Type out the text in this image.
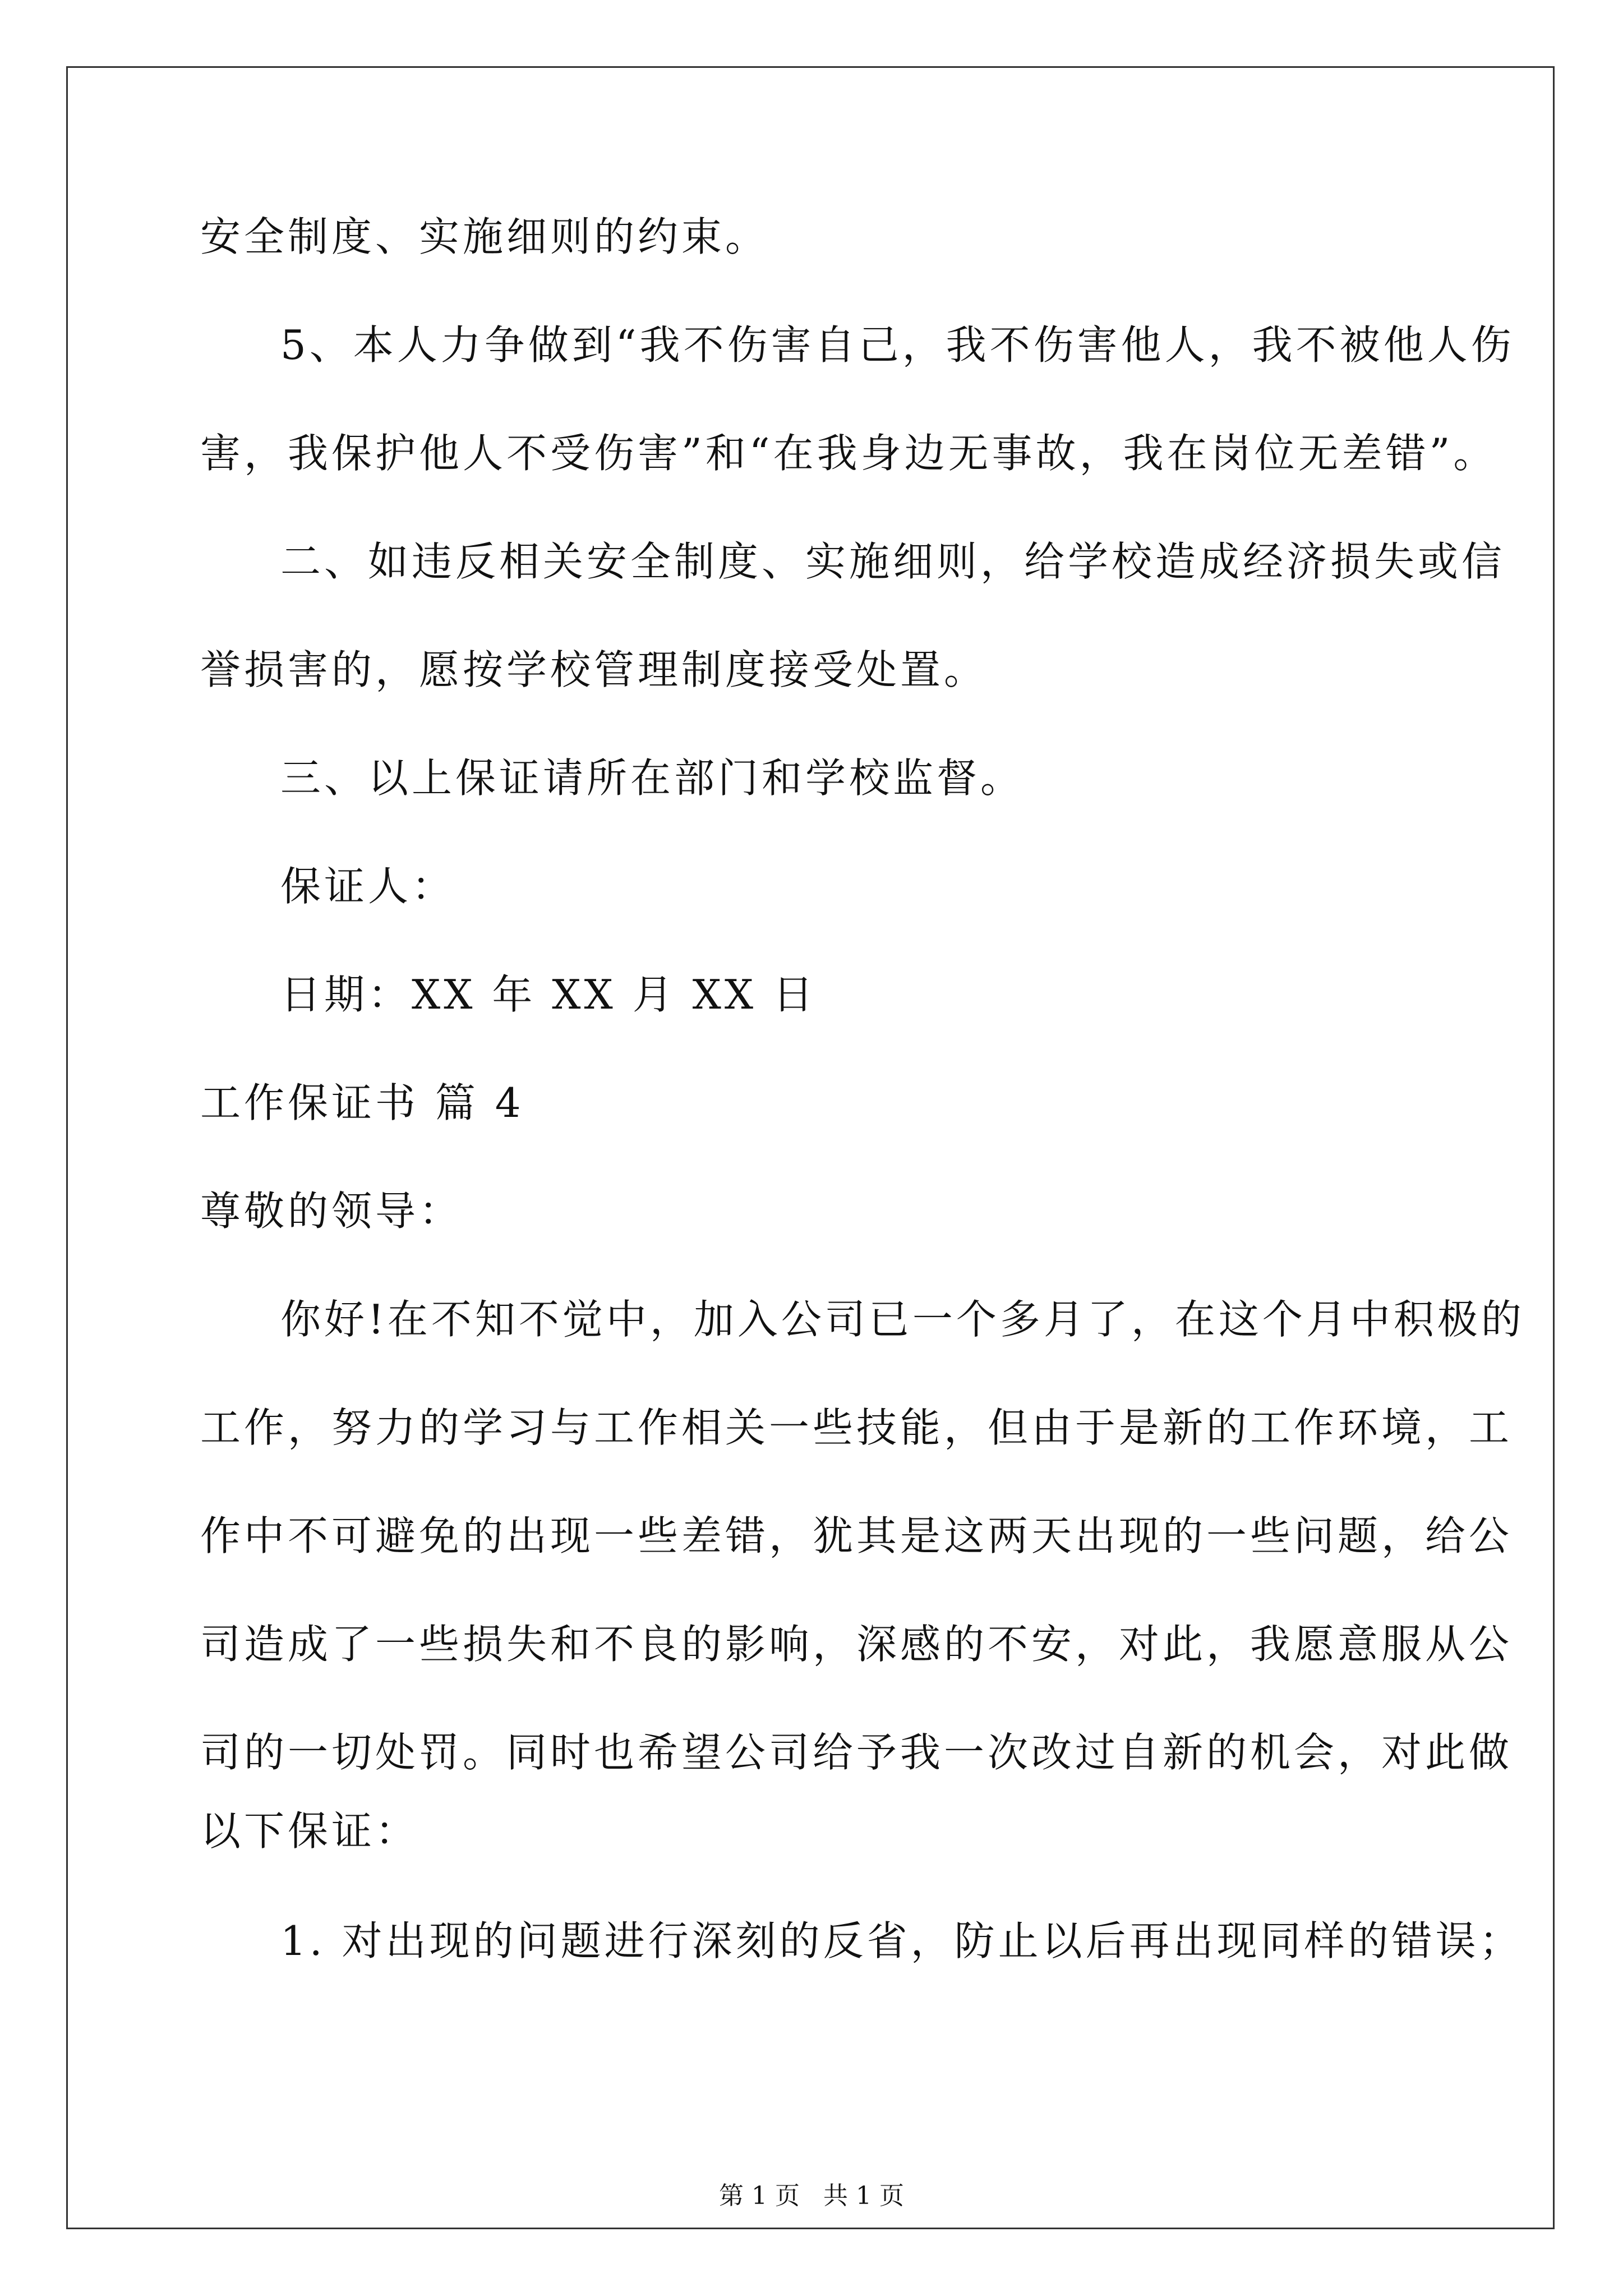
安全制度、实施细则的约束。
5、本人力争做到“我不伤害自己，我不伤害他人，我不被他人伤
害，我保护他人不受伤害”和“在我身边无事故，我在岗位无差错”。
二、如违反相关安全制度、实施细则，给学校造成经济损失或信
誉损害的，愿按学校管理制度接受处置。
三、以上保证请所在部门和学校监督。
保证人：
日期：XX 年 XX 月 XX 日
工作保证书 篇 4
尊敬的领导：
你好!在不知不觉中，加入公司已一个多月了，在这个月中积极的
工作，努力的学习与工作相关一些技能，但由于是新的工作环境，工
作中不可避免的出现一些差错，犹其是这两天出现的一些问题，给公
司造成了一些损失和不良的影响，深感的不安，对此，我愿意服从公
司的一切处罚。同时也希望公司给予我一次改过自新的机会，对此做
以下保证：
1. 对出现的问题进行深刻的反省，防止以后再出现同样的错误；
第 1 页   共 1 页
